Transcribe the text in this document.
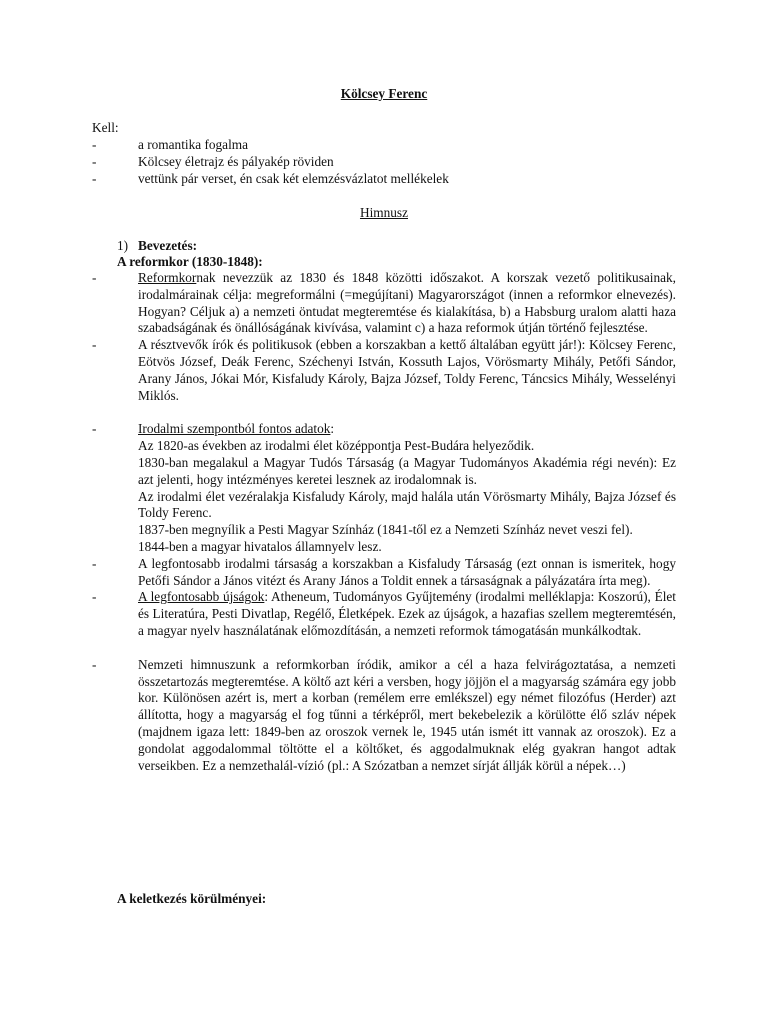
Kölcsey Ferenc
Kell:
-	a romantika fogalma
-	Kölcsey életrajz és pályakép röviden
-	vettünk pár verset, én csak két elemzésvázlatot mellékelek
Himnusz
1) Bevezetés:
A reformkor (1830-1848):
-	Reformkornak nevezzük az 1830 és 1848 közötti időszakot. A korszak vezető politikusainak, irodalmárainak célja: megreformálni (=megújítani) Magyarországot (innen a reformkor elnevezés). Hogyan? Céljuk a) a nemzeti öntudat megteremtése és kialakítása, b) a Habsburg uralom alatti haza szabadságának és önállóságának kivívása, valamint c) a haza reformok útján történő fejlesztése.

-	A résztvevők írók és politikusok (ebben a korszakban a kettő általában együtt jár!): Kölcsey Ferenc, Eötvös József, Deák Ferenc, Széchenyi István, Kossuth Lajos, Vörösmarty Mihály, Petőfi Sándor, Arany János, Jókai Mór, Kisfaludy Károly, Bajza József, Toldy Ferenc, Táncsics Mihály, Wesselényi Miklós.

-	Irodalmi szempontból fontos adatok:

Az 1820-as években az irodalmi élet középpontja Pest-Budára helyeződik.

1830-ban megalakul a Magyar Tudós Társaság (a Magyar Tudományos Akadémia régi nevén): Ez azt jelenti, hogy intézményes keretei lesznek az irodalomnak is.

Az irodalmi élet vezéralakja Kisfaludy Károly, majd halála után Vörösmarty Mihály, Bajza József és Toldy Ferenc.

1837-ben megnyílik a Pesti Magyar Színház (1841-től ez a Nemzeti Színház nevet veszi fel).

1844-ben a magyar hivatalos államnyelv lesz.

-	A legfontosabb irodalmi társaság a korszakban a Kisfaludy Társaság (ezt onnan is ismeritek, hogy Petőfi Sándor a János vitézt és Arany János a Toldit ennek a társaságnak a pályázatára írta meg).

-	A legfontosabb újságok: Atheneum, Tudományos Gyűjtemény (irodalmi melléklapja: Koszorú), Élet és Literatúra, Pesti Divatlap, Regélő, Életképek. Ezek az újságok, a hazafias szellem megteremtésén, a magyar nyelv használatának előmozdításán, a nemzeti reformok támogatásán munkálkodtak.

-	Nemzeti himnuszunk a reformkorban íródik, amikor a cél a haza felvirágoztatása, a nemzeti összetartozás megteremtése. A költő azt kéri a versben, hogy jöjjön el a magyarság számára egy jobb kor. Különösen azért is, mert a korban (remélem erre emlékszel) egy német filozófus (Herder) azt állította, hogy a magyarság el fog tűnni a térképről, mert bekebelezik a körülötte élő szláv népek (majdnem igaza lett: 1849-ben az oroszok vernek le, 1945 után ismét itt vannak az oroszok). Ez a gondolat aggodalommal töltötte el a költőket, és aggodalmuknak elég gyakran hangot adtak verseikben. Ez a nemzethalál-vízió (pl.: A Szózatban a nemzet sírját állják körül a népek…)

A keletkezés körülményei:
